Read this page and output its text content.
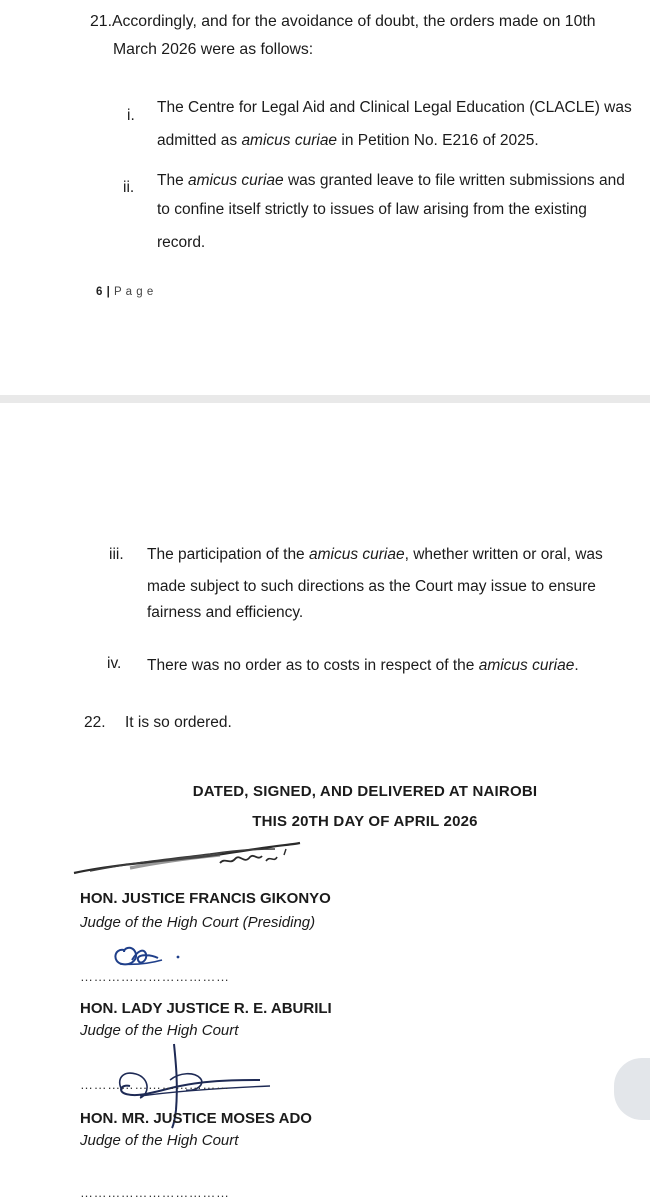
21.Accordingly, and for the avoidance of doubt, the orders made on 10th
March 2026 were as follows:
i. The Centre for Legal Aid and Clinical Legal Education (CLACLE) was
admitted as amicus curiae in Petition No. E216 of 2025.
ii. The amicus curiae was granted leave to file written submissions and
to confine itself strictly to issues of law arising from the existing
record.
6 | P a g e
iii. The participation of the amicus curiae, whether written or oral, was
made subject to such directions as the Court may issue to ensure
fairness and efficiency.
iv. There was no order as to costs in respect of the amicus curiae.
22. It is so ordered.
DATED, SIGNED, AND DELIVERED AT NAIROBI
THIS 20TH DAY OF APRIL 2026
HON. JUSTICE FRANCIS GIKONYO
Judge of the High Court (Presiding)
……………………………
HON. LADY JUSTICE R. E. ABURILI
Judge of the High Court
……………………………
HON. MR. JUSTICE MOSES ADO
Judge of the High Court
……………………………
